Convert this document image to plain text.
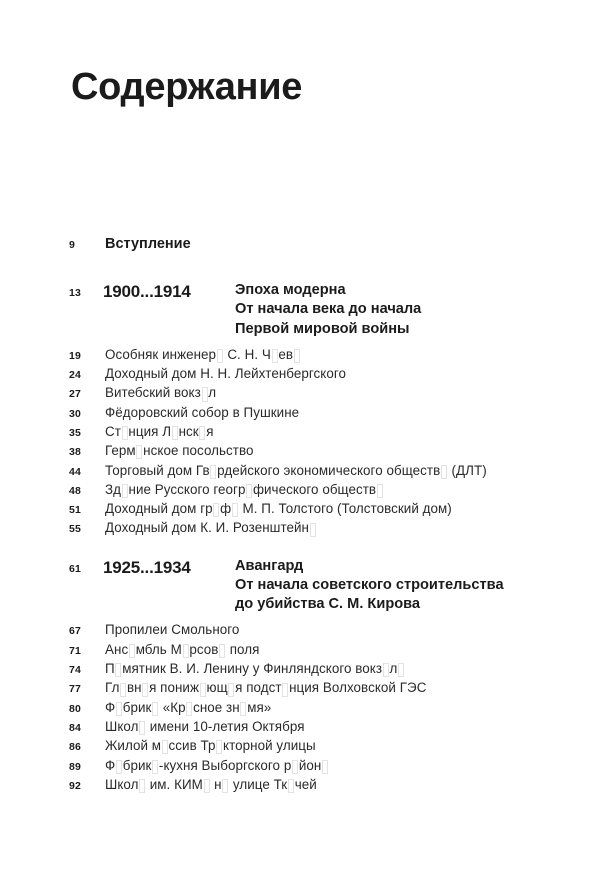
Содержание
9	Вступление
13	1900...1914	Эпоха модерна
От начала века до начала
Первой мировой войны
19	Особняк инженер С. Н. Ч ев
24	Доходный дом Н. Н. Лейхтенбергского
27	Витебский вокз л
30	Фёдоровский собор в Пушкине
35	Ст нция Л нск я
38	Герм нское посольство
44	Торговый дом Гв рдейского экономического обществ (ДЛТ)
48	Зд ние Русского геогр фического обществ
51	Доходный дом гр ф М. П. Толстого (Толстовский дом)
55	Доходный дом К. И. Розенштейн
61	1925...1934	Авангард
От начала советского строительства
до убийства С. М. Кирова
67	Пропилеи Смольного
71	Анс мбль М рсов поля
74	П мятник В. И. Ленину у Финляндского вокз л
77	Гл вн я пониж ющ я подст нция Волховской ГЭС
80	Ф брик «Кр сное зн мя»
84	Школ имени 10-летия Октября
86	Жилой м ссив Тр кторной улицы
89	Ф брик -кухня Выборгского р йон
92	Школ им. КИМ н улице Тк чей
